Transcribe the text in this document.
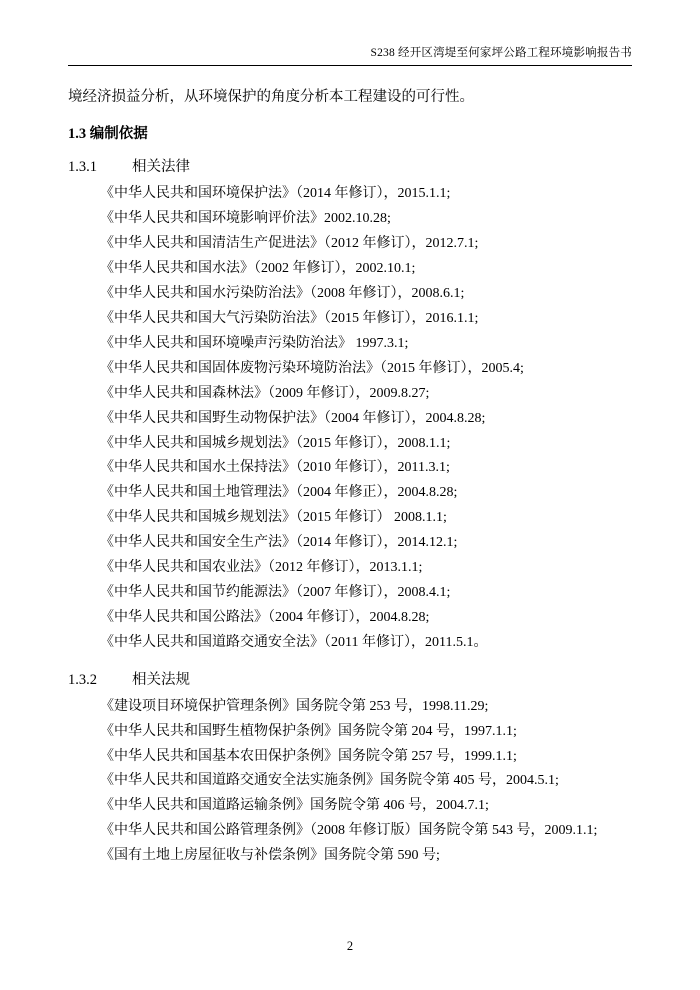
S238 经开区湾堤至何家坪公路工程环境影响报告书

境经济损益分析，从环境保护的角度分析本工程建设的可行性。

1.3 编制依据

1.3.1 相关法律

《中华人民共和国环境保护法》（2014 年修订），2015.1.1;
《中华人民共和国环境影响评价法》2002.10.28;
《中华人民共和国清洁生产促进法》（2012 年修订），2012.7.1;
《中华人民共和国水法》（2002 年修订），2002.10.1;
《中华人民共和国水污染防治法》（2008 年修订），2008.6.1;
《中华人民共和国大气污染防治法》（2015 年修订），2016.1.1;
《中华人民共和国环境噪声污染防治法》 1997.3.1;
《中华人民共和国固体废物污染环境防治法》（2015 年修订），2005.4;
《中华人民共和国森林法》（2009 年修订），2009.8.27;
《中华人民共和国野生动物保护法》（2004 年修订），2004.8.28;
《中华人民共和国城乡规划法》（2015 年修订），2008.1.1;
《中华人民共和国水土保持法》（2010 年修订），2011.3.1;
《中华人民共和国土地管理法》（2004 年修正），2004.8.28;
《中华人民共和国城乡规划法》（2015 年修订） 2008.1.1;
《中华人民共和国安全生产法》（2014 年修订），2014.12.1;
《中华人民共和国农业法》（2012 年修订），2013.1.1;
《中华人民共和国节约能源法》（2007 年修订），2008.4.1;
《中华人民共和国公路法》（2004 年修订），2004.8.28;
《中华人民共和国道路交通安全法》（2011 年修订），2011.5.1。

1.3.2 相关法规

《建设项目环境保护管理条例》国务院令第 253 号，1998.11.29;
《中华人民共和国野生植物保护条例》国务院令第 204 号，1997.1.1;
《中华人民共和国基本农田保护条例》国务院令第 257 号，1999.1.1;
《中华人民共和国道路交通安全法实施条例》国务院令第 405 号，2004.5.1;
《中华人民共和国道路运输条例》国务院令第 406 号，2004.7.1;
《中华人民共和国公路管理条例》（2008 年修订版）国务院令第 543 号，2009.1.1;
《国有土地上房屋征收与补偿条例》国务院令第 590 号;
2
